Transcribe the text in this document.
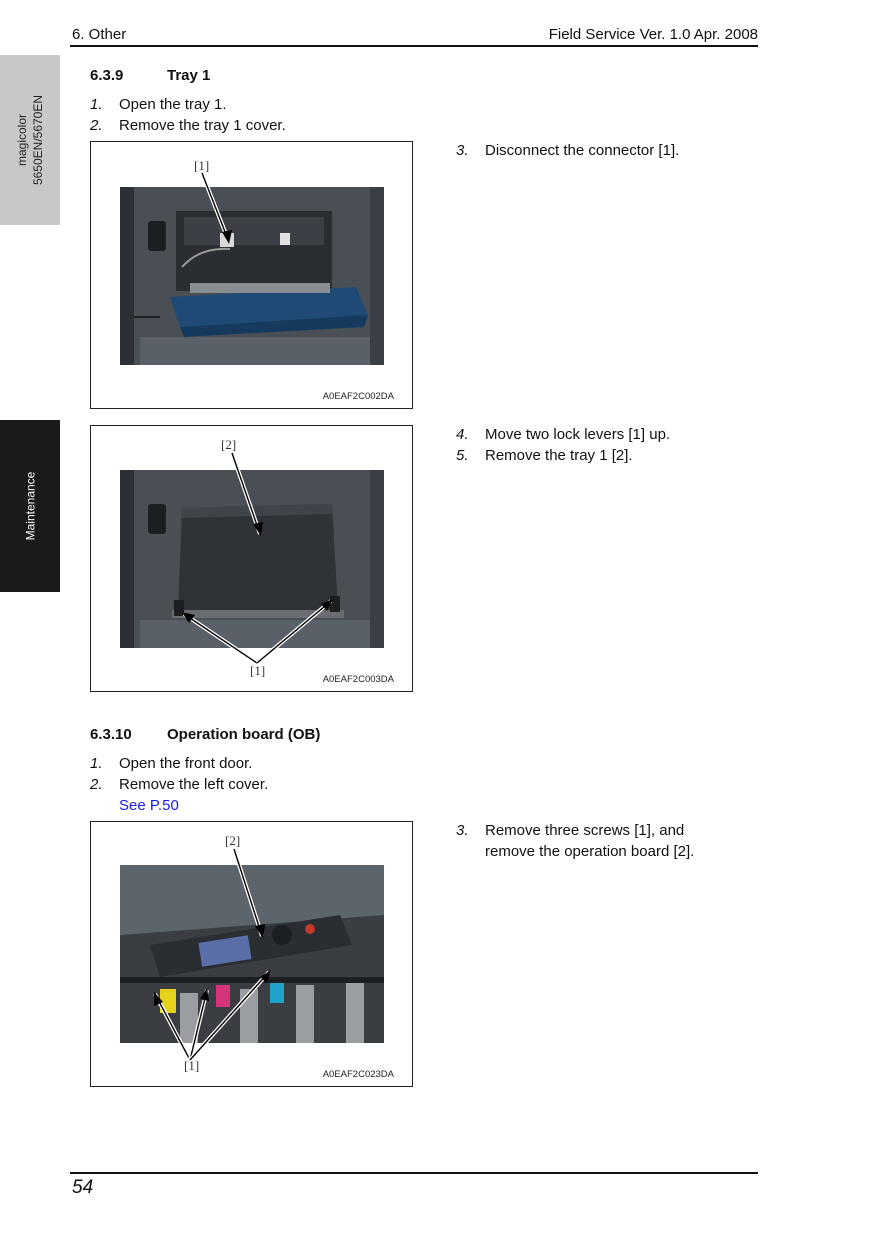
6. Other	Field Service Ver. 1.0 Apr. 2008
magicolor 5650EN/5670EN
Maintenance
6.3.9	Tray 1
1. Open the tray 1.
2. Remove the tray 1 cover.
[1]
A0EAF2C002DA
3. Disconnect the connector [1].
[2]
[1]
A0EAF2C003DA
4. Move two lock levers [1] up.
5. Remove the tray 1 [2].
6.3.10 Operation board (OB)
1. Open the front door.
2. Remove the left cover.
See P.50
[2]
[1]
A0EAF2C023DA
3. Remove three screws [1], and
remove the operation board [2].
54
